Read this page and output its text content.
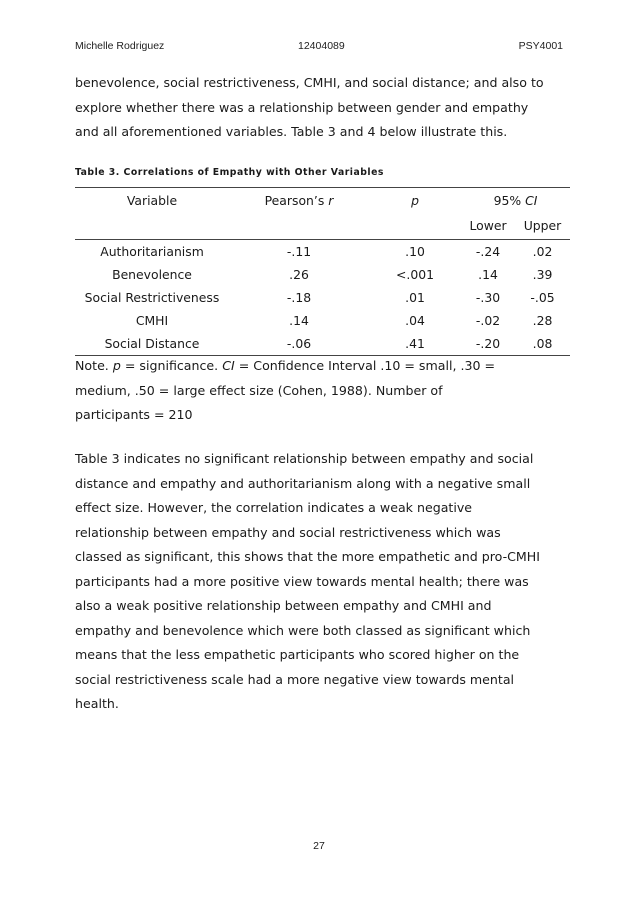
Michelle Rodriguez	12404089	PSY4001
benevolence, social restrictiveness, CMHI, and social distance; and also to
explore whether there was a relationship between gender and empathy
and all aforementioned variables. Table 3 and 4 below illustrate this.
Table 3. Correlations of Empathy with Other Variables
Variable	Pearson’s r	p	95% CI	
			Lower	Upper
Authoritarianism	-.11	.10	-.24	.02
Benevolence	.26	<.001	.14	.39
Social Restrictiveness	-.18	.01	-.30	-.05
CMHI	.14	.04	-.02	.28
Social Distance	-.06	.41	-.20	.08
Note. p = significance. CI = Confidence Interval .10 = small, .30 =
medium, .50 = large effect size (Cohen, 1988). Number of
participants = 210
Table 3 indicates no significant relationship between empathy and social
distance and empathy and authoritarianism along with a negative small
effect size. However, the correlation indicates a weak negative
relationship between empathy and social restrictiveness which was
classed as significant, this shows that the more empathetic and pro-CMHI
participants had a more positive view towards mental health; there was
also a weak positive relationship between empathy and CMHI and
empathy and benevolence which were both classed as significant which
means that the less empathetic participants who scored higher on the
social restrictiveness scale had a more negative view towards mental
health.
27
